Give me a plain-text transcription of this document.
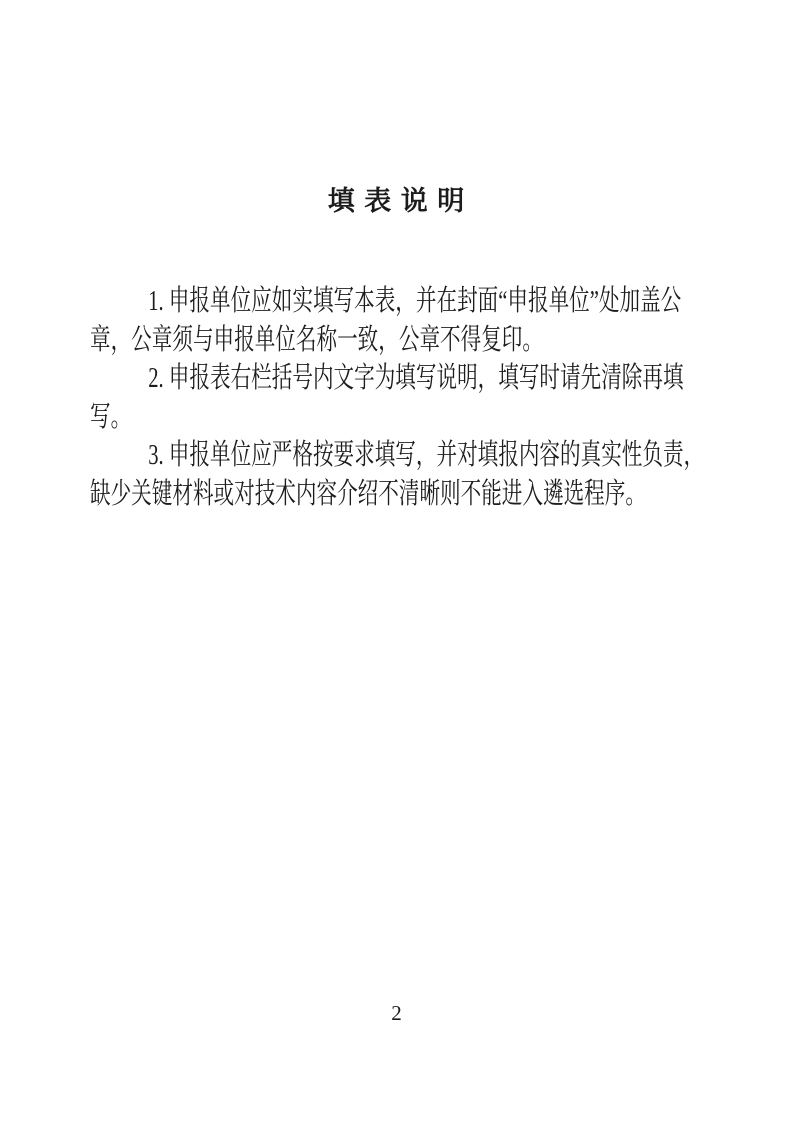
填 表 说 明
1. 申报单位应如实填写本表，并在封面“申报单位”处加盖公
章，公章须与申报单位名称一致，公章不得复印。
2. 申报表右栏括号内文字为填写说明，填写时请先清除再填
写。
3. 申报单位应严格按要求填写，并对填报内容的真实性负责，
缺少关键材料或对技术内容介绍不清晰则不能进入遴选程序。
2
